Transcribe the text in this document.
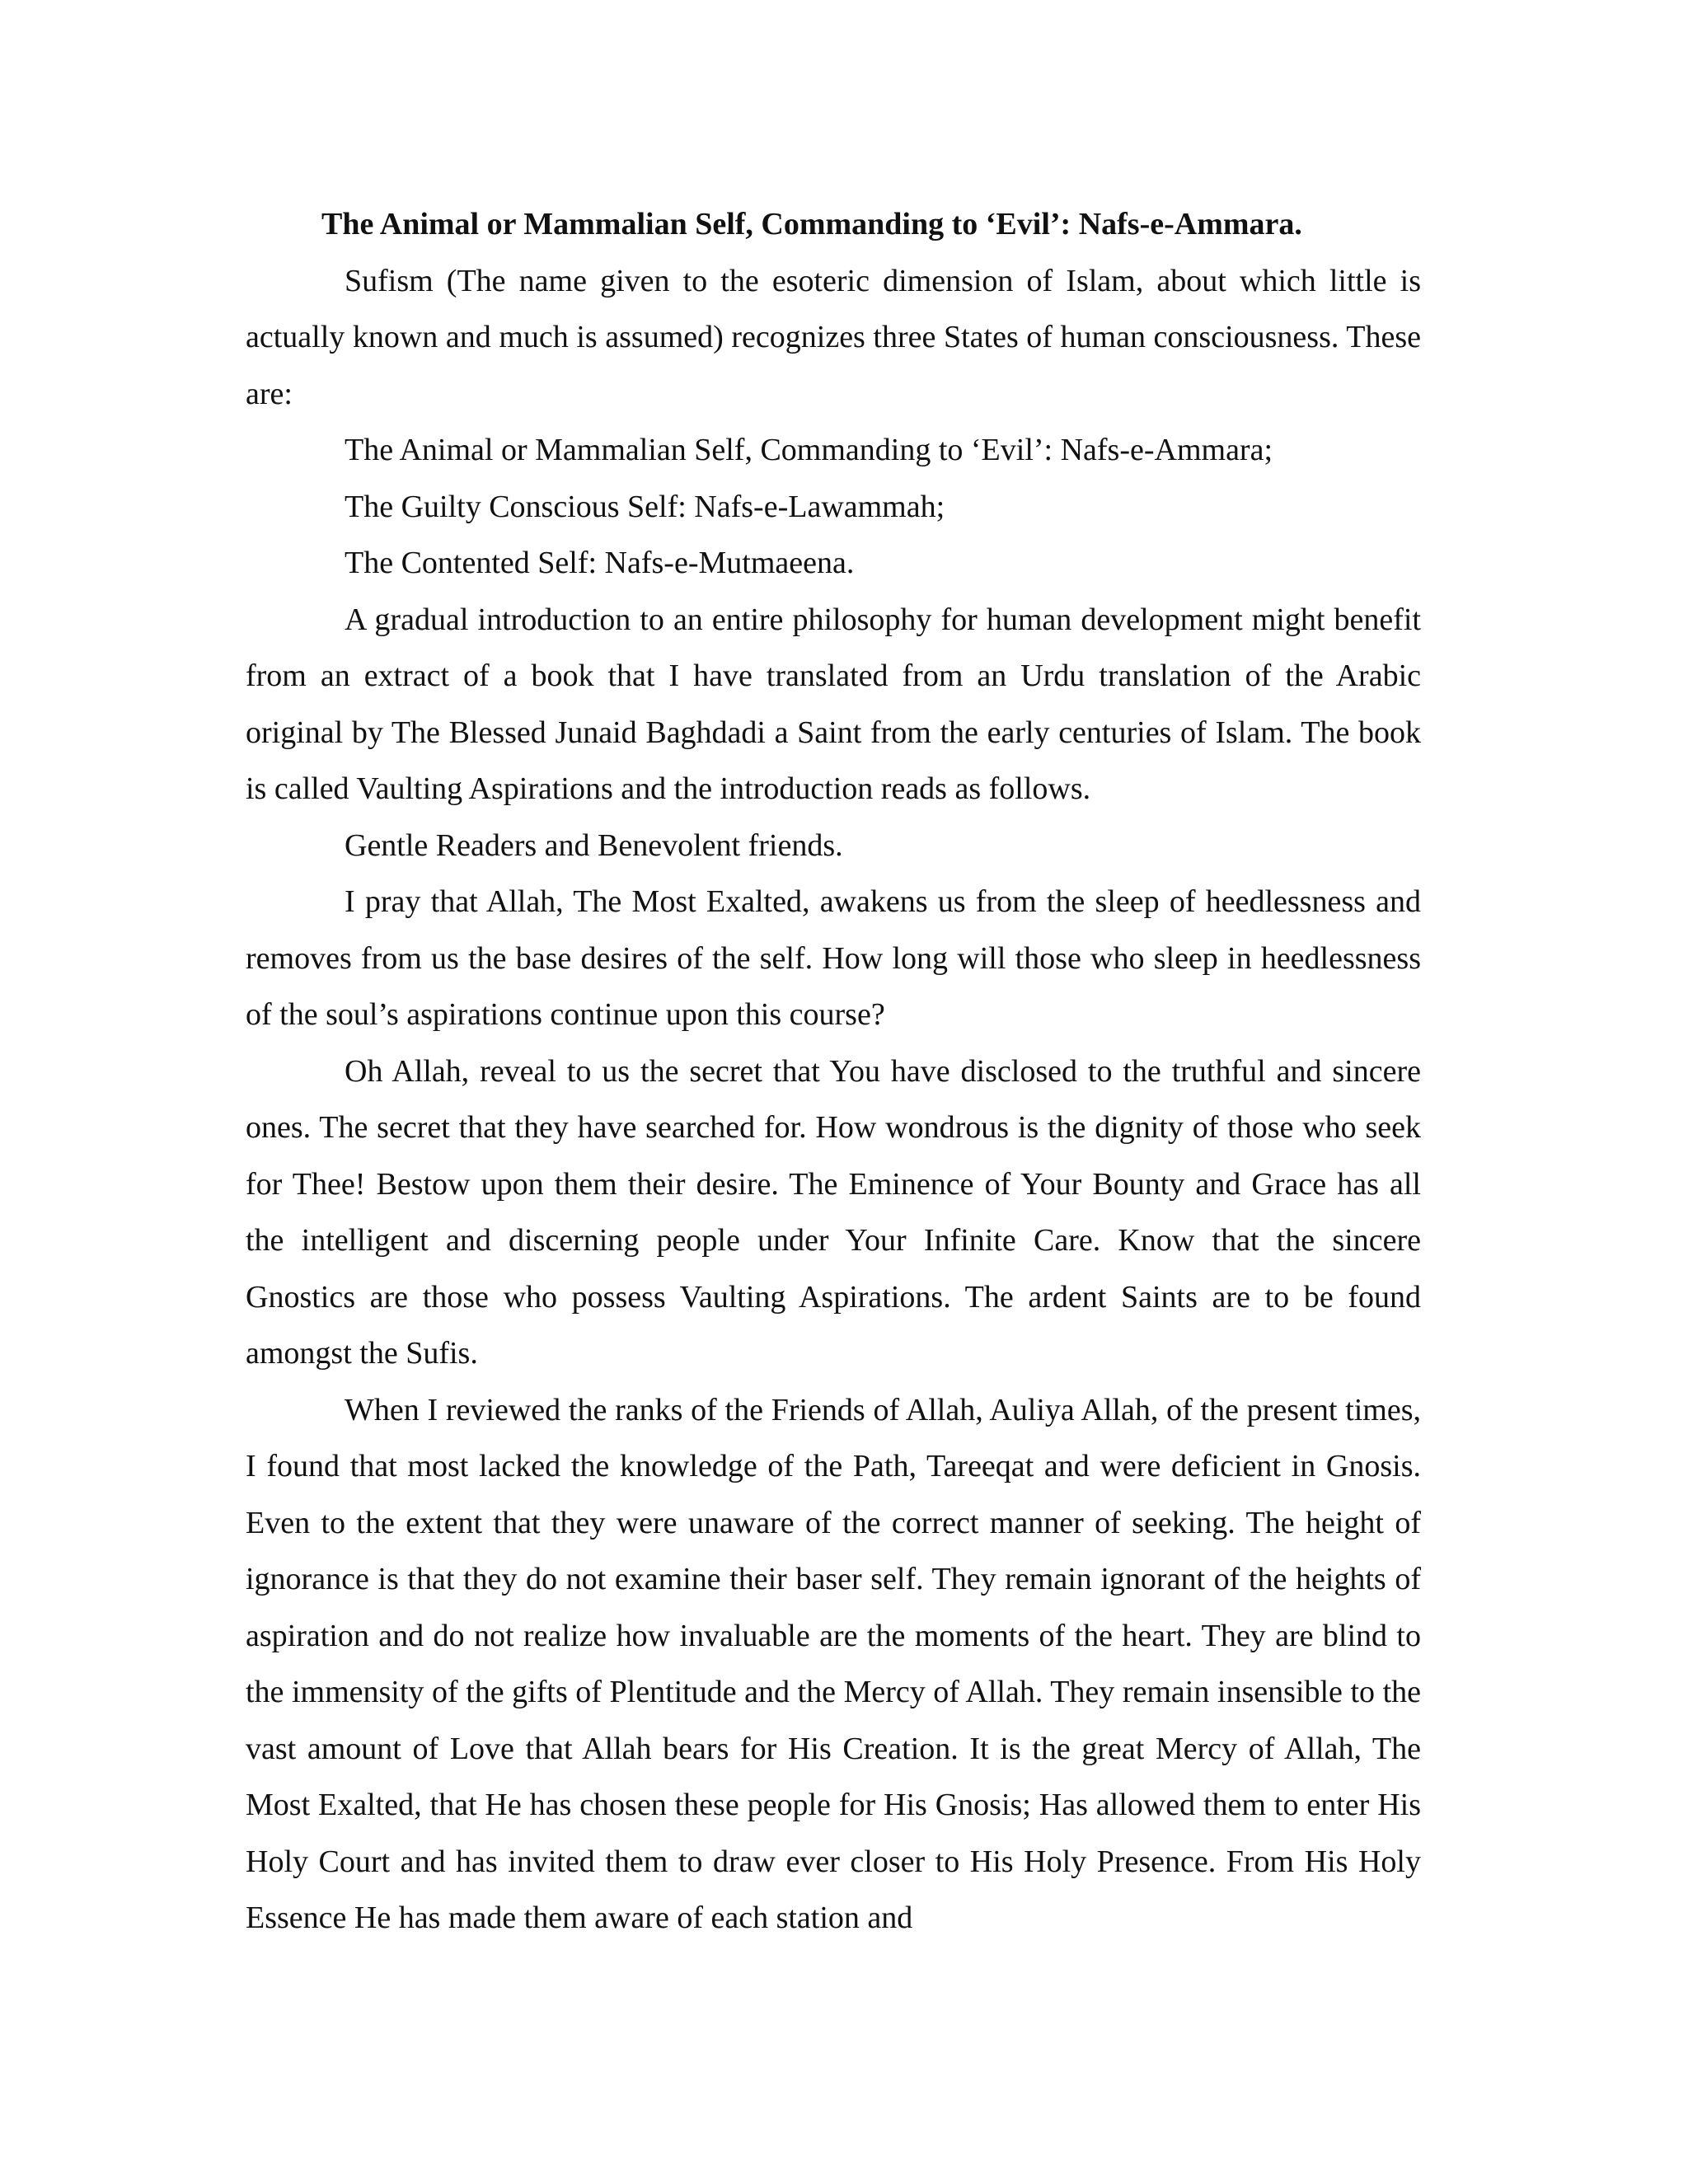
The Animal or Mammalian Self, Commanding to ‘Evil’: Nafs-e-Ammara.

Sufism (The name given to the esoteric dimension of Islam, about which little is actually known and much is assumed) recognizes three States of human consciousness. These are:

The Animal or Mammalian Self, Commanding to ‘Evil’: Nafs-e-Ammara;

The Guilty Conscious Self: Nafs-e-Lawammah;

The Contented Self: Nafs-e-Mutmaeena.

A gradual introduction to an entire philosophy for human development might benefit from an extract of a book that I have translated from an Urdu translation of the Arabic original by The Blessed Junaid Baghdadi a Saint from the early centuries of Islam. The book is called Vaulting Aspirations and the introduction reads as follows.

Gentle Readers and Benevolent friends.

I pray that Allah, The Most Exalted, awakens us from the sleep of heedlessness and removes from us the base desires of the self. How long will those who sleep in heedlessness of the soul’s aspirations continue upon this course?

Oh Allah, reveal to us the secret that You have disclosed to the truthful and sincere ones. The secret that they have searched for. How wondrous is the dignity of those who seek for Thee! Bestow upon them their desire. The Eminence of Your Bounty and Grace has all the intelligent and discerning people under Your Infinite Care. Know that the sincere Gnostics are those who possess Vaulting Aspirations. The ardent Saints are to be found amongst the Sufis.

When I reviewed the ranks of the Friends of Allah, Auliya Allah, of the present times, I found that most lacked the knowledge of the Path, Tareeqat and were deficient in Gnosis. Even to the extent that they were unaware of the correct manner of seeking. The height of ignorance is that they do not examine their baser self. They remain ignorant of the heights of aspiration and do not realize how invaluable are the moments of the heart. They are blind to the immensity of the gifts of Plentitude and the Mercy of Allah. They remain insensible to the vast amount of Love that Allah bears for His Creation. It is the great Mercy of Allah, The Most Exalted, that He has chosen these people for His Gnosis; Has allowed them to enter His Holy Court and has invited them to draw ever closer to His Holy Presence. From His Holy Essence He has made them aware of each station and
